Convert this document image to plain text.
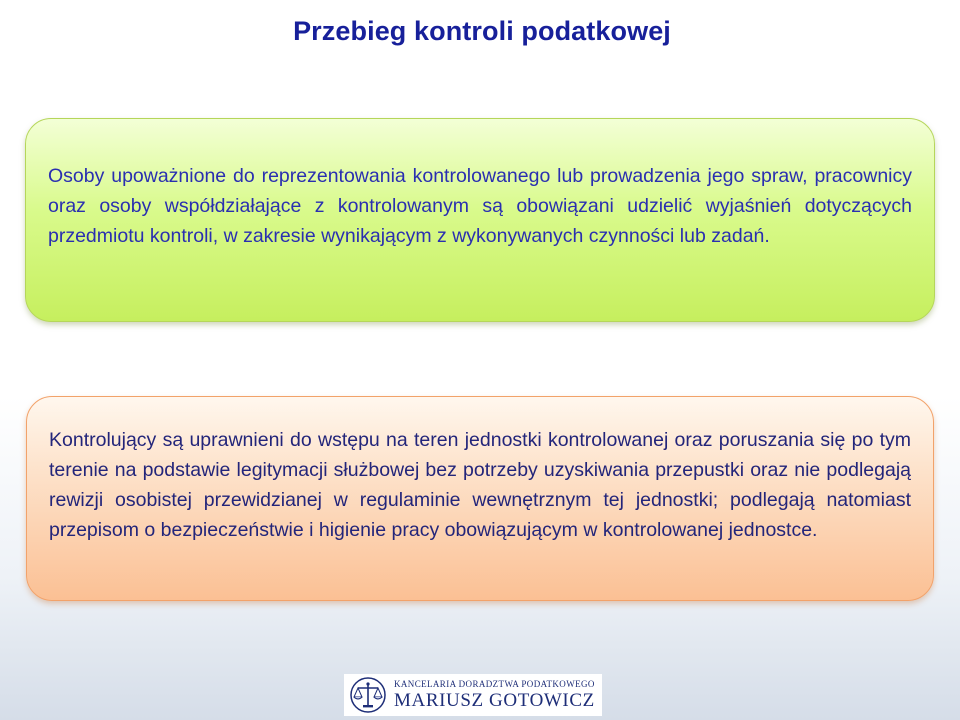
Przebieg kontroli podatkowej

Osoby upoważnione do reprezentowania kontrolowanego lub prowadzenia jego spraw, pracownicy oraz osoby współdziałające z kontrolowanym są obowiązani udzielić wyjaśnień dotyczących przedmiotu kontroli, w zakresie wynikającym z wykonywanych czynności lub zadań.

Kontrolujący są uprawnieni do wstępu na teren jednostki kontrolowanej oraz poruszania się po tym terenie na podstawie legitymacji służbowej bez potrzeby uzyskiwania przepustki oraz nie podlegają rewizji osobistej przewidzianej w regulaminie wewnętrznym tej jednostki; podlegają natomiast przepisom o bezpieczeństwie i higienie pracy obowiązującym w kontrolowanej jednostce.

KANCELARIA DORADZTWA PODATKOWEGO
MARIUSZ GOTOWICZ
